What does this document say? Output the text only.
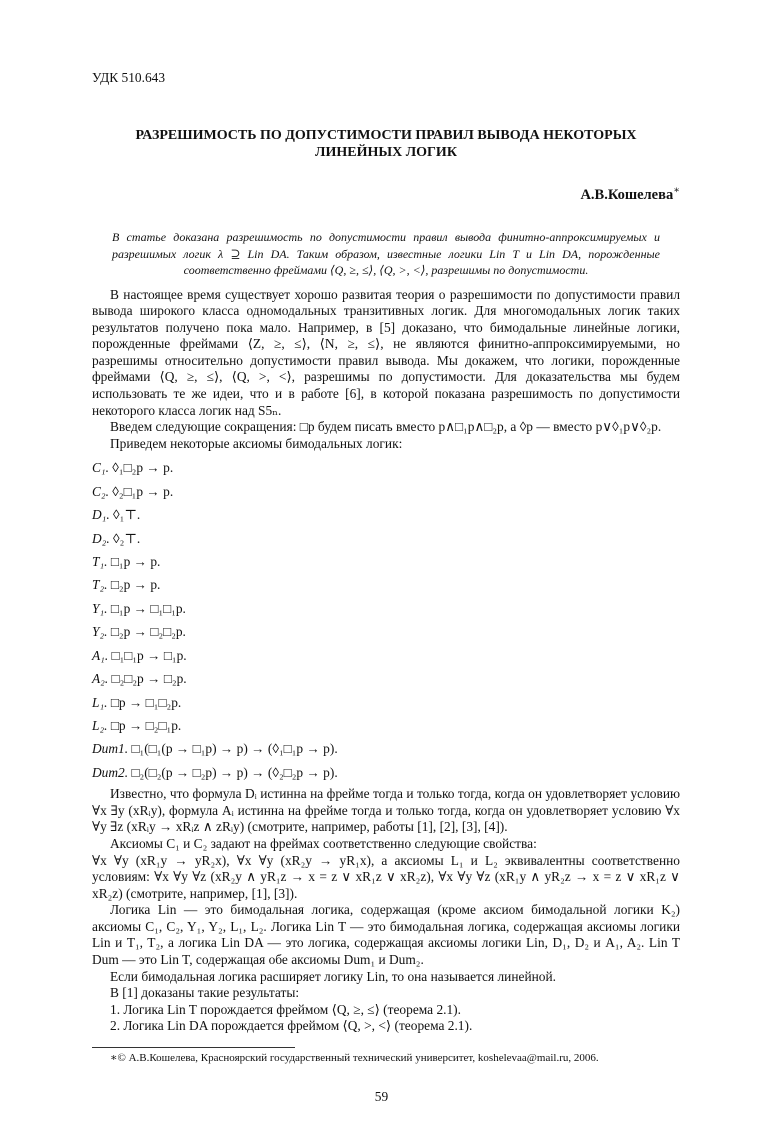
УДК 510.643
РАЗРЕШИМОСТЬ ПО ДОПУСТИМОСТИ ПРАВИЛ ВЫВОДА НЕКОТОРЫХ
ЛИНЕЙНЫХ ЛОГИК
А.В.Кошелева∗
В статье доказана разрешимость по допустимости правил вывода финитно-аппроксимируемых и разрешимых логик λ ⊇ Lin DA. Таким образом, известные логики Lin T и Lin DA, порожденные соответственно фреймами ⟨Q, ≥, ≤⟩, ⟨Q, >, <⟩, разрешимы по допустимости.

В настоящее время существует хорошо развитая теория о разрешимости по допустимости правил вывода широкого класса одномодальных транзитивных логик. Для многомодальных логик таких результатов получено пока мало. Например, в [5] доказано, что бимодальные линейные логики, порожденные фреймами ⟨Z, ≥, ≤⟩, ⟨N, ≥, ≤⟩, не являются финитно-аппроксимируемыми, но разрешимы относительно допустимости правил вывода. Мы докажем, что логики, порожденные фреймами ⟨Q, ≥, ≤⟩, ⟨Q, >, <⟩, разрешимы по допустимости. Для доказательства мы будем использовать те же идеи, что и в работе [6], в которой показана разрешимость по допустимости некоторого класса логик над S5ₙ.

Введем следующие сокращения: □p будем писать вместо p∧□₁p∧□₂p, а ◊p — вместо p∨◊₁p∨◊₂p.

Приведем некоторые аксиомы бимодальных логик:

C₁. ◊₁□₂p → p.
C₂. ◊₂□₁p → p.
D₁. ◊₁⊤.
D₂. ◊₂⊤.
T₁. □₁p → p.
T₂. □₂p → p.
Y₁. □₁p → □₁□₁p.
Y₂. □₂p → □₂□₂p.
A₁. □₁□₁p → □₁p.
A₂. □₂□₂p → □₂p.
L₁. □p → □₁□₂p.
L₂. □p → □₂□₁p.
Dum1. □₁(□₁(p → □₁p) → p) → (◊₁□₁p → p).
Dum2. □₂(□₂(p → □₂p) → p) → (◊₂□₂p → p).

Известно, что формула Dᵢ истинна на фрейме тогда и только тогда, когда он удовлетворяет условию ∀x ∃y (xRᵢy), формула Aᵢ истинна на фрейме тогда и только тогда, когда он удовлетворяет условию ∀x ∀y ∃z (xRᵢy → xRᵢz ∧ zRᵢy) (смотрите, например, работы [1], [2], [3], [4]).

Аксиомы C₁ и C₂ задают на фреймах соответственно следующие свойства:

∀x ∀y (xR₁y → yR₂x), ∀x ∀y (xR₂y → yR₁x), а аксиомы L₁ и L₂ эквивалентны соответственно условиям: ∀x ∀y ∀z (xR₂y ∧ yR₁z → x = z ∨ xR₁z ∨ xR₂z), ∀x ∀y ∀z (xR₁y ∧ yR₂z → x = z ∨ xR₁z ∨ xR₂z) (смотрите, например, [1], [3]).

Логика Lin — это бимодальная логика, содержащая (кроме аксиом бимодальной логики K₂) аксиомы C₁, C₂, Y₁, Y₂, L₁, L₂. Логика Lin T — это бимодальная логика, содержащая аксиомы логики Lin и T₁, T₂, а логика Lin DA — это логика, содержащая аксиомы логики Lin, D₁, D₂ и A₁, A₂. Lin T Dum — это Lin T, содержащая обе аксиомы Dum₁ и Dum₂.

Если бимодальная логика расширяет логику Lin, то она называется линейной.

В [1] доказаны такие результаты:

1. Логика Lin T порождается фреймом ⟨Q, ≥, ≤⟩ (теорема 2.1).

2. Логика Lin DA порождается фреймом ⟨Q, >, <⟩ (теорема 2.1).

∗© А.В.Кошелева, Красноярский государственный технический университет, koshelevaa@mail.ru, 2006.
59
